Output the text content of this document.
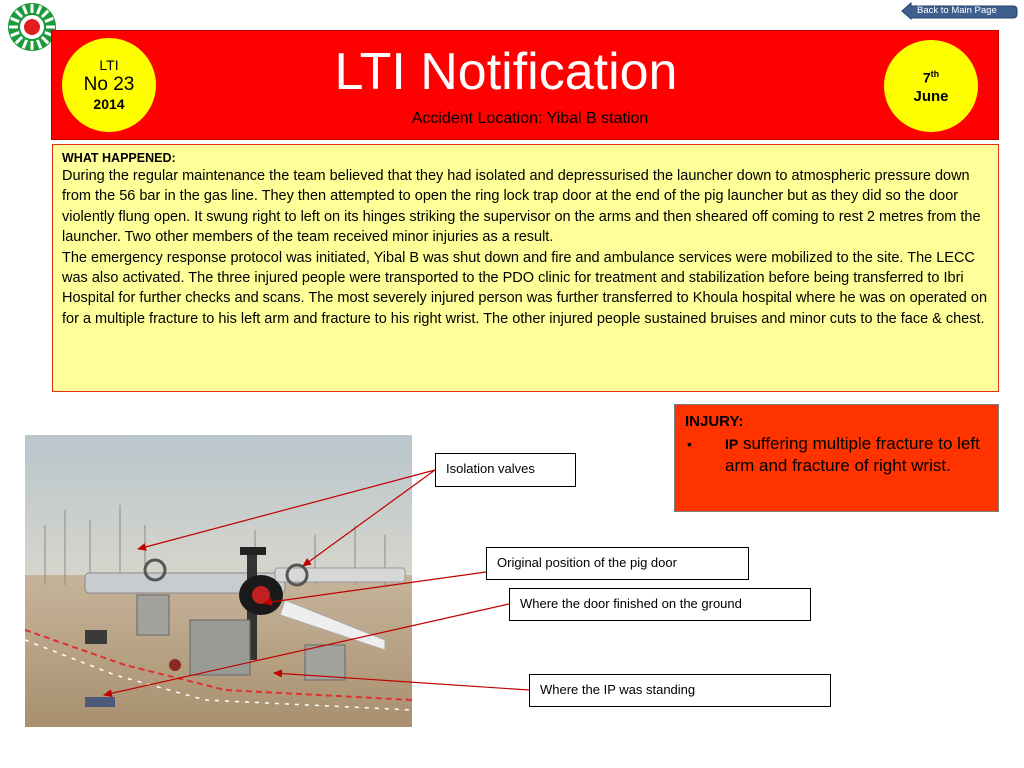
Back to Main Page
LTI Notification
Accident Location: Yibal B station
LTI
No 23
2014
7th
June
WHAT HAPPENED:

During the regular maintenance the team believed that they had isolated and depressurised the launcher down to atmospheric pressure down from the 56 bar in the gas line. They then attempted to open the ring lock trap door at the end of the pig launcher but as they did so the door violently flung open. It swung right to left on its hinges striking the supervisor on the arms and then sheared off coming to rest 2 metres from the launcher. Two other members of the team received minor injuries as a result.

The emergency response protocol was initiated, Yibal B was shut down and fire and ambulance services were mobilized to the site. The LECC was also activated. The three injured people were transported to the PDO clinic for treatment and stabilization before being transferred to Ibri Hospital for further checks and scans. The most severely injured person was further transferred to Khoula hospital where he was on operated on for a multiple fracture to his left arm and fracture to his right wrist. The other injured people sustained bruises and minor cuts to the face & chest.

INJURY:
• IP suffering multiple fracture to left arm and fracture of right wrist.
Isolation valves
Original position of the pig door
Where the door finished on the ground
Where the IP was standing
